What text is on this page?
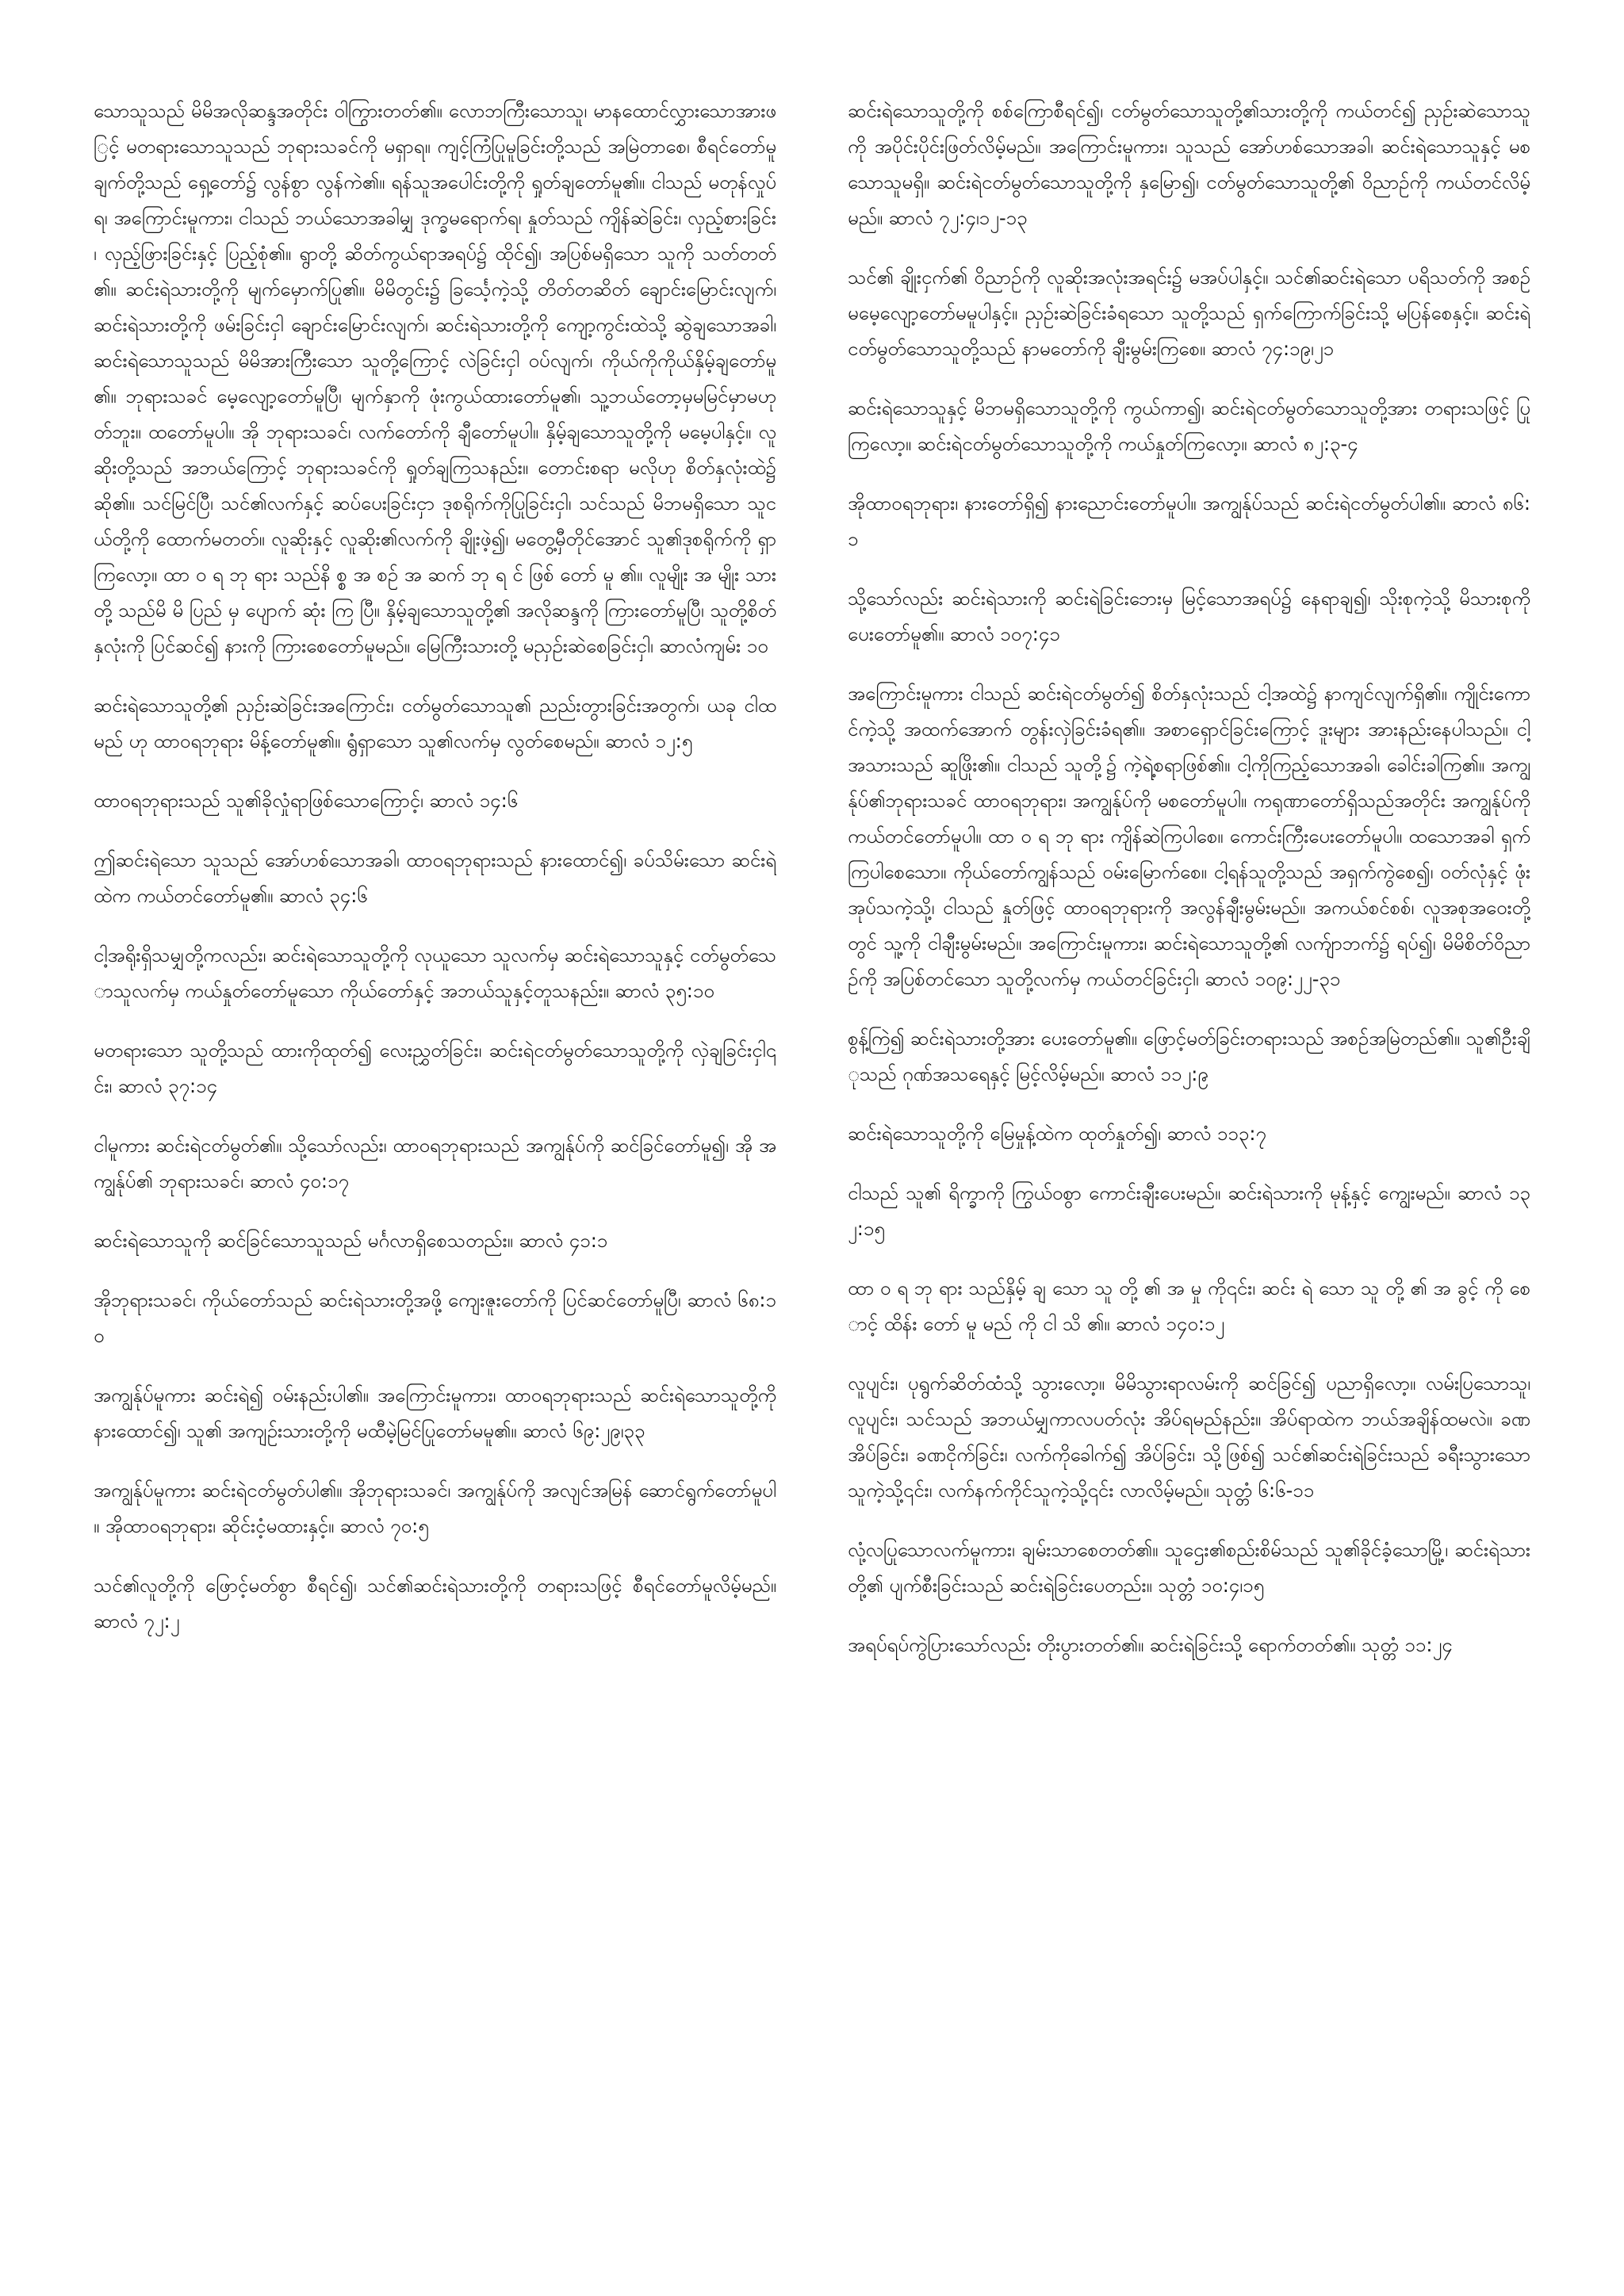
သောသူသည် မိမိအလိုဆန္ဒအတိုင်း ဝါကြွားတတ်၏။ လောဘကြီးသောသူ၊ မာနထောင်လွှားသောအားဖြင့် မတရားသောသူသည် ဘုရားသခင်ကို မရှာရ။ ကျင့်ကြံပြုမူခြင်းတို့သည် အမြဲတာစေ၊ စီရင်တော်မူချက်တို့သည် ရှေ့တော်၌ လွန်စွာ လွန်ကဲ၏။ ရန်သူအပေါင်းတို့ကို ရှုတ်ချတော်မူ၏။ ငါသည် မတုန်လှုပ်ရ၊ အကြောင်းမူကား၊ ငါသည် ဘယ်သောအခါမျှ ဒုက္ခမရောက်ရ၊ နှုတ်သည် ကျိန်ဆဲခြင်း၊ လှည့်စားခြင်း၊ လှည့်ဖြားခြင်းနှင့် ပြည့်စုံ၏။ ရွာတို့ ဆိတ်ကွယ်ရာအရပ်၌ ထိုင်၍၊ အပြစ်မရှိသော သူကို သတ်တတ်၏။ ဆင်းရဲသားတို့ကို မျက်မှောက်ပြု၏။ မိမိတွင်း၌ ခြင်္သေ့ကဲ့သို့ တိတ်တဆိတ် ချောင်းမြောင်းလျက်၊ ဆင်းရဲသားတို့ကို ဖမ်းခြင်းငှါ ချောင်းမြောင်းလျက်၊ ဆင်းရဲသားတို့ကို ကျော့ကွင်းထဲသို့ ဆွဲချသောအခါ၊ ဆင်းရဲသောသူသည် မိမိအားကြီးသော သူတို့ကြောင့် လဲခြင်းငှါ ဝပ်လျက်၊ ကိုယ်ကိုကိုယ်နှိမ့်ချတော်မူ၏။ ဘုရားသခင် မေ့လျော့တော်မူပြီ၊ မျက်နှာကို ဖုံးကွယ်ထားတော်မူ၏၊ သူ့ဘယ်တော့မှမမြင်မှာမဟုတ်ဘူး။ ထတော်မူပါ။ အို ဘုရားသခင်၊ လက်တော်ကို ချီတော်မူပါ။ နှိမ့်ချသောသူတို့ကို မမေ့ပါနှင့်။ လူဆိုးတို့သည် အဘယ်ကြောင့် ဘုရားသခင်ကို ရှုတ်ချကြသနည်း။ တောင်းစရာ မလိုဟု စိတ်နှလုံးထဲ၌ ဆို၏။ သင်မြင်ပြီ၊ သင်၏လက်နှင့် ဆပ်ပေးခြင်းငှာ ဒုစရိုက်ကိုပြုခြင်းငှါ၊ သင်သည် မိဘမရှိသော သူငယ်တို့ကို ထောက်မတတ်။ လူဆိုးနှင့် လူဆိုး၏လက်ကို ချိုးဖဲ့၍၊ မတွေ့မှီတိုင်အောင် သူ၏ဒုစရိုက်ကို ရှာကြလော့။ ထာ ဝ ရ ဘု ရား သည်နိ စ္စ အ စဉ် အ ဆက် ဘု ရ င် ဖြစ် တော် မူ ၏။ လူမျိုး အ မျိုး သား တို့ သည်မိ မိ ပြည် မှ ပျောက် ဆုံး ကြ ပြီ။ နှိမ့်ချသောသူတို့၏ အလိုဆန္ဒကို ကြားတော်မူပြီ၊ သူတို့စိတ်နှလုံးကို ပြင်ဆင်၍ နားကို ကြားစေတော်မူမည်။ မြေကြီးသားတို့ မညှဉ်းဆဲစေခြင်းငှါ၊ ဆာလံကျမ်း ၁၀

ဆင်းရဲသောသူတို့၏ ညှဉ်းဆဲခြင်းအကြောင်း၊ ငတ်မွတ်သောသူ၏ ညည်းတွားခြင်းအတွက်၊ ယခု ငါထမည် ဟု ထာဝရဘုရား မိန့်တော်မူ၏။ ရွံရှာသော သူ၏လက်မှ လွတ်စေမည်။ ဆာလံ ၁၂:၅

ထာဝရဘုရားသည် သူ၏ခိုလှုံရာဖြစ်သောကြောင့်၊ ဆာလံ ၁၄:၆

ဤဆင်းရဲသော သူသည် အော်ဟစ်သောအခါ၊ ထာဝရဘုရားသည် နားထောင်၍၊ ခပ်သိမ်းသော ဆင်းရဲထဲက ကယ်တင်တော်မူ၏။ ဆာလံ ၃၄:၆

ငါ့အရိုးရှိသမျှတို့ကလည်း၊ ဆင်းရဲသောသူတို့ကို လုယူသော သူလက်မှ ဆင်းရဲသောသူနှင့် ငတ်မွတ်သောသူလက်မှ ကယ်နှုတ်တော်မူသော ကိုယ်တော်နှင့် အဘယ်သူနှင့်တူသနည်း။ ဆာလံ ၃၅:၁၀

မတရားသော သူတို့သည် ထားကိုထုတ်၍ လေးညွှတ်ခြင်း၊ ဆင်းရဲငတ်မွတ်သောသူတို့ကို လှဲချခြင်းငှါ၎င်း၊ ဆာလံ ၃၇:၁၄

ငါမူကား ဆင်းရဲငတ်မွတ်၏။ သို့သော်လည်း၊ ထာဝရဘုရားသည် အကျွန်ုပ်ကို ဆင်ခြင်တော်မူ၍၊ အို အကျွန်ုပ်၏ ဘုရားသခင်၊ ဆာလံ ၄၀:၁၇

ဆင်းရဲသောသူကို ဆင်ခြင်သောသူသည် မင်္ဂလာရှိစေသတည်း။ ဆာလံ ၄၁:၁

အိုဘုရားသခင်၊ ကိုယ်တော်သည် ဆင်းရဲသားတို့အဖို့ ကျေးဇူးတော်ကို ပြင်ဆင်တော်မူပြီ၊ ဆာလံ ၆၈:၁၀

အကျွန်ုပ်မူကား ဆင်းရဲ၍ ဝမ်းနည်းပါ၏။ အကြောင်းမူကား၊ ထာဝရဘုရားသည် ဆင်းရဲသောသူတို့ကို နားထောင်၍၊ သူ၏ အကျဉ်းသားတို့ကို မထီမဲ့မြင်ပြုတော်မမူ၏။ ဆာလံ ၆၉:၂၉၊၃၃

အကျွန်ုပ်မူကား ဆင်းရဲငတ်မွတ်ပါ၏။ အိုဘုရားသခင်၊ အကျွန်ုပ်ကို အလျင်အမြန် ဆောင်ရွက်တော်မူပါ။ အိုထာဝရဘုရား၊ ဆိုင်းငံ့မထားနှင့်။ ဆာလံ ၇၀:၅

သင်၏လူတို့ကို ဖြောင့်မတ်စွာ စီရင်၍၊ သင်၏ဆင်းရဲသားတို့ကို တရားသဖြင့် စီရင်တော်မူလိမ့်မည်။ ဆာလံ ၇၂:၂

ဆင်းရဲသောသူတို့ကို စစ်ကြောစီရင်၍၊ ငတ်မွတ်သောသူတို့၏သားတို့ကို ကယ်တင်၍ ညှဉ်းဆဲသောသူကို အပိုင်းပိုင်းဖြတ်လိမ့်မည်။ အကြောင်းမူကား၊ သူသည် အော်ဟစ်သောအခါ၊ ဆင်းရဲသောသူနှင့် မစသောသူမရှိ။ ဆင်းရဲငတ်မွတ်သောသူတို့ကို နှမြော၍၊ ငတ်မွတ်သောသူတို့၏ ဝိညာဉ်ကို ကယ်တင်လိမ့်မည်။ ဆာလံ ၇၂:၄၊၁၂-၁၃

သင်၏ ချိုးငှက်၏ ဝိညာဉ်ကို လူဆိုးအလုံးအရင်း၌ မအပ်ပါနှင့်။ သင်၏ဆင်းရဲသော ပရိသတ်ကို အစဉ်မမေ့လျော့တော်မမူပါနှင့်။ ညှဉ်းဆဲခြင်းခံရသော သူတို့သည် ရှက်ကြောက်ခြင်းသို့ မပြန်စေနှင့်။ ဆင်းရဲငတ်မွတ်သောသူတို့သည် နာမတော်ကို ချီးမွမ်းကြစေ။ ဆာလံ ၇၄:၁၉၊၂၁

ဆင်းရဲသောသူနှင့် မိဘမရှိသောသူတို့ကို ကွယ်ကာ၍၊ ဆင်းရဲငတ်မွတ်သောသူတို့အား တရားသဖြင့် ပြုကြလော့။ ဆင်းရဲငတ်မွတ်သောသူတို့ကို ကယ်နှုတ်ကြလော့။ ဆာလံ ၈၂:၃-၄

အိုထာဝရဘုရား၊ နားတော်ရှိ၍ နားညောင်းတော်မူပါ။ အကျွန်ုပ်သည် ဆင်းရဲငတ်မွတ်ပါ၏။ ဆာလံ ၈၆:၁

သို့သော်လည်း ဆင်းရဲသားကို ဆင်းရဲခြင်းဘေးမှ မြင့်သောအရပ်၌ နေရာချ၍၊ သိုးစုကဲ့သို့ မိသားစုကို ပေးတော်မူ၏။ ဆာလံ ၁၀၇:၄၁

အကြောင်းမူကား ငါသည် ဆင်းရဲငတ်မွတ်၍ စိတ်နှလုံးသည် ငါ့အထဲ၌ နာကျင်လျက်ရှိ၏။ ကျိုင်းကောင်ကဲ့သို့ အထက်အောက် တွန်းလှဲခြင်းခံရ၏။ အစာရှောင်ခြင်းကြောင့် ဒူးများ အားနည်းနေပါသည်။ ငါ့အသားသည် ဆူဖြိုး၏။ ငါသည် သူတို့၌ ကဲ့ရဲ့စရာဖြစ်၏။ ငါ့ကိုကြည့်သောအခါ၊ ခေါင်းခါကြ၏။ အကျွန်ုပ်၏ဘုရားသခင် ထာဝရဘုရား၊ အကျွန်ုပ်ကို မစတော်မူပါ။ ကရုဏာတော်ရှိသည်အတိုင်း အကျွန်ုပ်ကို ကယ်တင်တော်မူပါ။ ထာ ဝ ရ ဘု ရား ကျိန်ဆဲကြပါစေ။ ကောင်းကြီးပေးတော်မူပါ။ ထသောအခါ ရှက်ကြပါစေသော။ ကိုယ်တော်ကျွန်သည် ဝမ်းမြောက်စေ။ ငါ့ရန်သူတို့သည် အရှက်ကွဲစေ၍၊ ဝတ်လုံနှင့် ဖုံးအုပ်သကဲ့သို့၊ ငါသည် နှုတ်ဖြင့် ထာဝရဘုရားကို အလွန်ချီးမွမ်းမည်။ အကယ်စင်စစ်၊ လူအစုအဝေးတို့တွင် သူ့ကို ငါချီးမွမ်းမည်။ အကြောင်းမူကား၊ ဆင်းရဲသောသူတို့၏ လက်ျာဘက်၌ ရပ်၍၊ မိမိစိတ်ဝိညာဉ်ကို အပြစ်တင်သော သူတို့လက်မှ ကယ်တင်ခြင်းငှါ၊ ဆာလံ ၁၀၉:၂၂-၃၁

စွန့်ကြဲ၍ ဆင်းရဲသားတို့အား ပေးတော်မူ၏။ ဖြောင့်မတ်ခြင်းတရားသည် အစဉ်အမြဲတည်၏။ သူ၏ဦးချိုသည် ဂုဏ်အသရေနှင့် မြင့်လိမ့်မည်။ ဆာလံ ၁၁၂:၉

ဆင်းရဲသောသူတို့ကို မြေမှုန့်ထဲက ထုတ်နှုတ်၍၊ ဆာလံ ၁၁၃:၇

ငါသည် သူ၏ ရိက္ခာကို ကြွယ်ဝစွာ ကောင်းချီးပေးမည်။ ဆင်းရဲသားကို မုန့်နှင့် ကျွေးမည်။ ဆာလံ ၁၃၂:၁၅

ထာ ဝ ရ ဘု ရား သည်နှိမ့် ချ သော သူ တို့ ၏ အ မှု ကို၎င်း၊ ဆင်း ရဲ သော သူ တို့ ၏ အ ခွင့် ကို စောင့် ထိန်း တော် မူ မည် ကို ငါ သိ ၏။ ဆာလံ ၁၄၀:၁၂

လူပျင်း၊ ပုရွက်ဆိတ်ထံသို့ သွားလော့။ မိမိသွားရာလမ်းကို ဆင်ခြင်၍ ပညာရှိလော့။ လမ်းပြသောသူ၊ လူပျင်း၊ သင်သည် အဘယ်မျှကာလပတ်လုံး အိပ်ရမည်နည်း။ အိပ်ရာထဲက ဘယ်အချိန်ထမလဲ။ ခဏအိပ်ခြင်း၊ ခဏငိုက်ခြင်း၊ လက်ကိုခေါက်၍ အိပ်ခြင်း၊ သို့ဖြစ်၍ သင်၏ဆင်းရဲခြင်းသည် ခရီးသွားသောသူကဲ့သို့၎င်း၊ လက်နက်ကိုင်သူကဲ့သို့၎င်း လာလိမ့်မည်။ သုတ္တံ ၆:၆-၁၁

လုံ့လပြုသောလက်မူကား၊ ချမ်းသာစေတတ်၏။ သူဌေး၏စည်းစိမ်သည် သူ၏ခိုင်ခံ့သောမြို့၊ ဆင်းရဲသားတို့၏ ပျက်စီးခြင်းသည် ဆင်းရဲခြင်းပေတည်း။ သုတ္တံ ၁၀:၄၊၁၅

အရပ်ရပ်ကွဲပြားသော်လည်း တိုးပွားတတ်၏။ ဆင်းရဲခြင်းသို့ ရောက်တတ်၏။ သုတ္တံ ၁၁:၂၄
